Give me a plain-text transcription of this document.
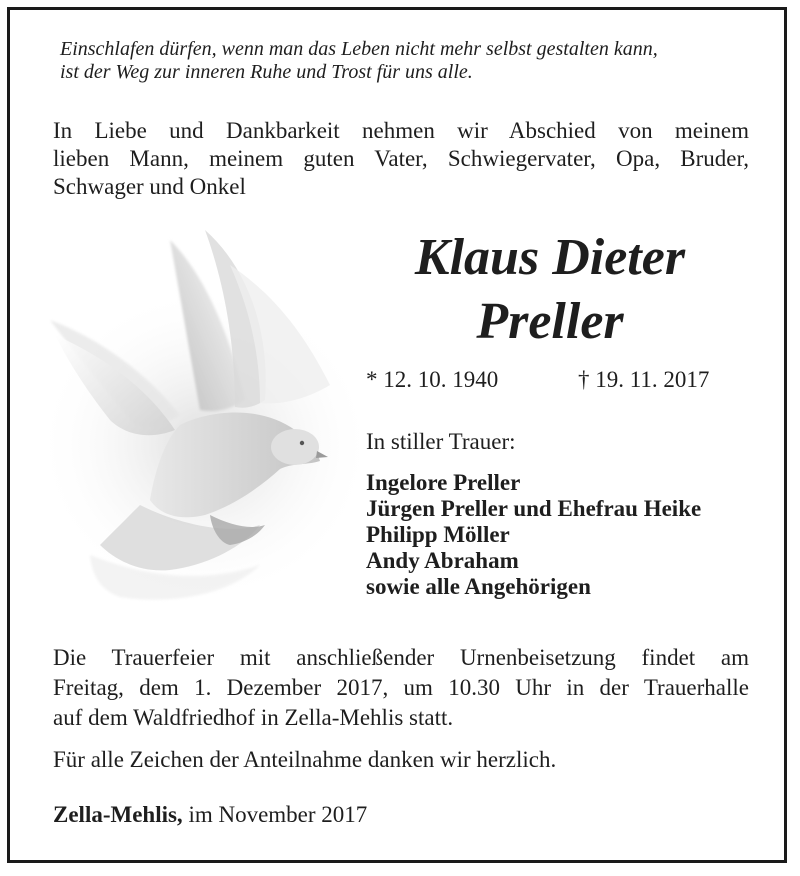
Einschlafen dürfen, wenn man das Leben nicht mehr selbst gestalten kann,
ist der Weg zur inneren Ruhe und Trost für uns alle.
In Liebe und Dankbarkeit nehmen wir Abschied von meinem
lieben Mann, meinem guten Vater, Schwiegervater, Opa, Bruder,
Schwager und Onkel
Klaus Dieter
Preller
* 12. 10. 1940	† 19. 11. 2017
In stiller Trauer:
Ingelore Preller
Jürgen Preller und Ehefrau Heike
Philipp Möller
Andy Abraham
sowie alle Angehörigen
Die Trauerfeier mit anschließender Urnenbeisetzung findet am
Freitag, dem 1. Dezember 2017, um 10.30 Uhr in der Trauerhalle
auf dem Waldfriedhof in Zella-Mehlis statt.
Für alle Zeichen der Anteilnahme danken wir herzlich.
Zella-Mehlis, im November 2017
